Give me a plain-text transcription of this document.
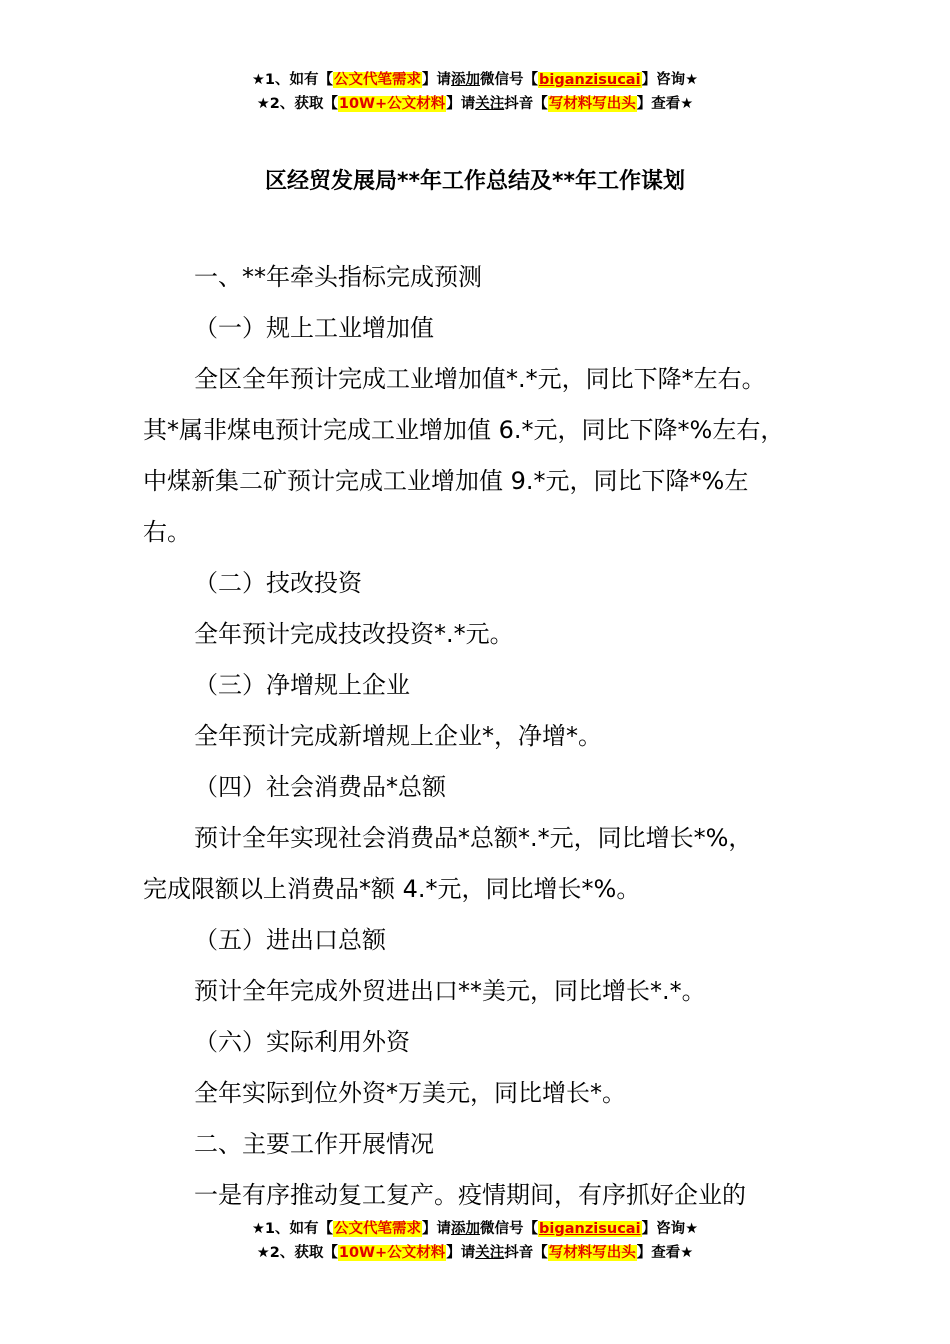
★1、如有【公文代笔需求】请添加微信号【biganzisucai】咨询★
★2、获取【10W+公文材料】请关注抖音【写材料写出头】查看★
区经贸发展局**年工作总结及**年工作谋划

一、**年牵头指标完成预测

（一）规上工业增加值

全区全年预计完成工业增加值*.*元，同比下降*左右。

其*属非煤电预计完成工业增加值 6.*元，同比下降*%左右，

中煤新集二矿预计完成工业增加值 9.*元，同比下降*%左

右。

（二）技改投资

全年预计完成技改投资*.*元。

（三）净增规上企业

全年预计完成新增规上企业*，净增*。

（四）社会消费品*总额

预计全年实现社会消费品*总额*.*元，同比增长*%，

完成限额以上消费品*额 4.*元，同比增长*%。

（五）进出口总额

预计全年完成外贸进出口**美元，同比增长*.*。

（六）实际利用外资

全年实际到位外资*万美元，同比增长*。

二、主要工作开展情况

一是有序推动复工复产。疫情期间，有序抓好企业的

★1、如有【公文代笔需求】请添加微信号【biganzisucai】咨询★
★2、获取【10W+公文材料】请关注抖音【写材料写出头】查看★
